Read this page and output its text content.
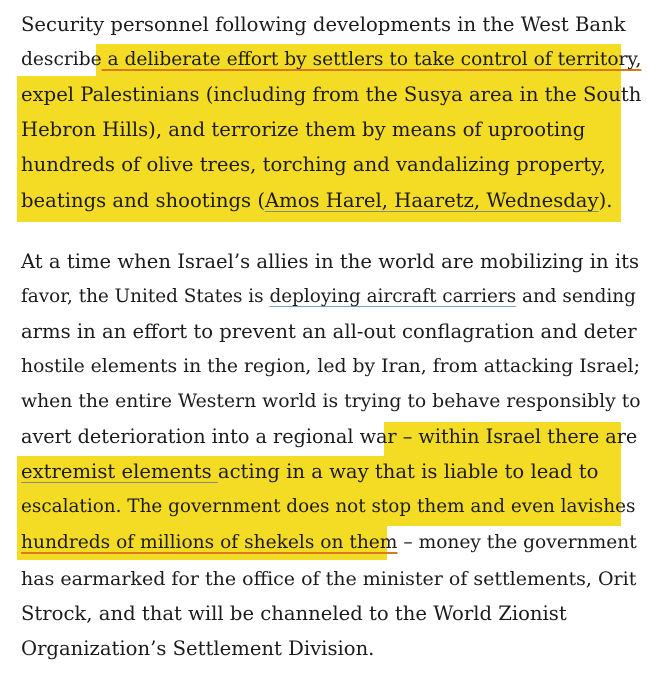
Security personnel following developments in the West Bank
describe a deliberate effort by settlers to take control of territory,
expel Palestinians (including from the Susya area in the South
Hebron Hills), and terrorize them by means of uprooting
hundreds of olive trees, torching and vandalizing property,
beatings and shootings (Amos Harel, Haaretz, Wednesday).
At a time when Israel’s allies in the world are mobilizing in its
favor, the United States is deploying aircraft carriers and sending
arms in an effort to prevent an all-out conflagration and deter
hostile elements in the region, led by Iran, from attacking Israel;
when the entire Western world is trying to behave responsibly to
avert deterioration into a regional war – within Israel there are
extremist elements acting in a way that is liable to lead to
escalation. The government does not stop them and even lavishes
hundreds of millions of shekels on them – money the government
has earmarked for the office of the minister of settlements, Orit
Strock, and that will be channeled to the World Zionist
Organization’s Settlement Division.
